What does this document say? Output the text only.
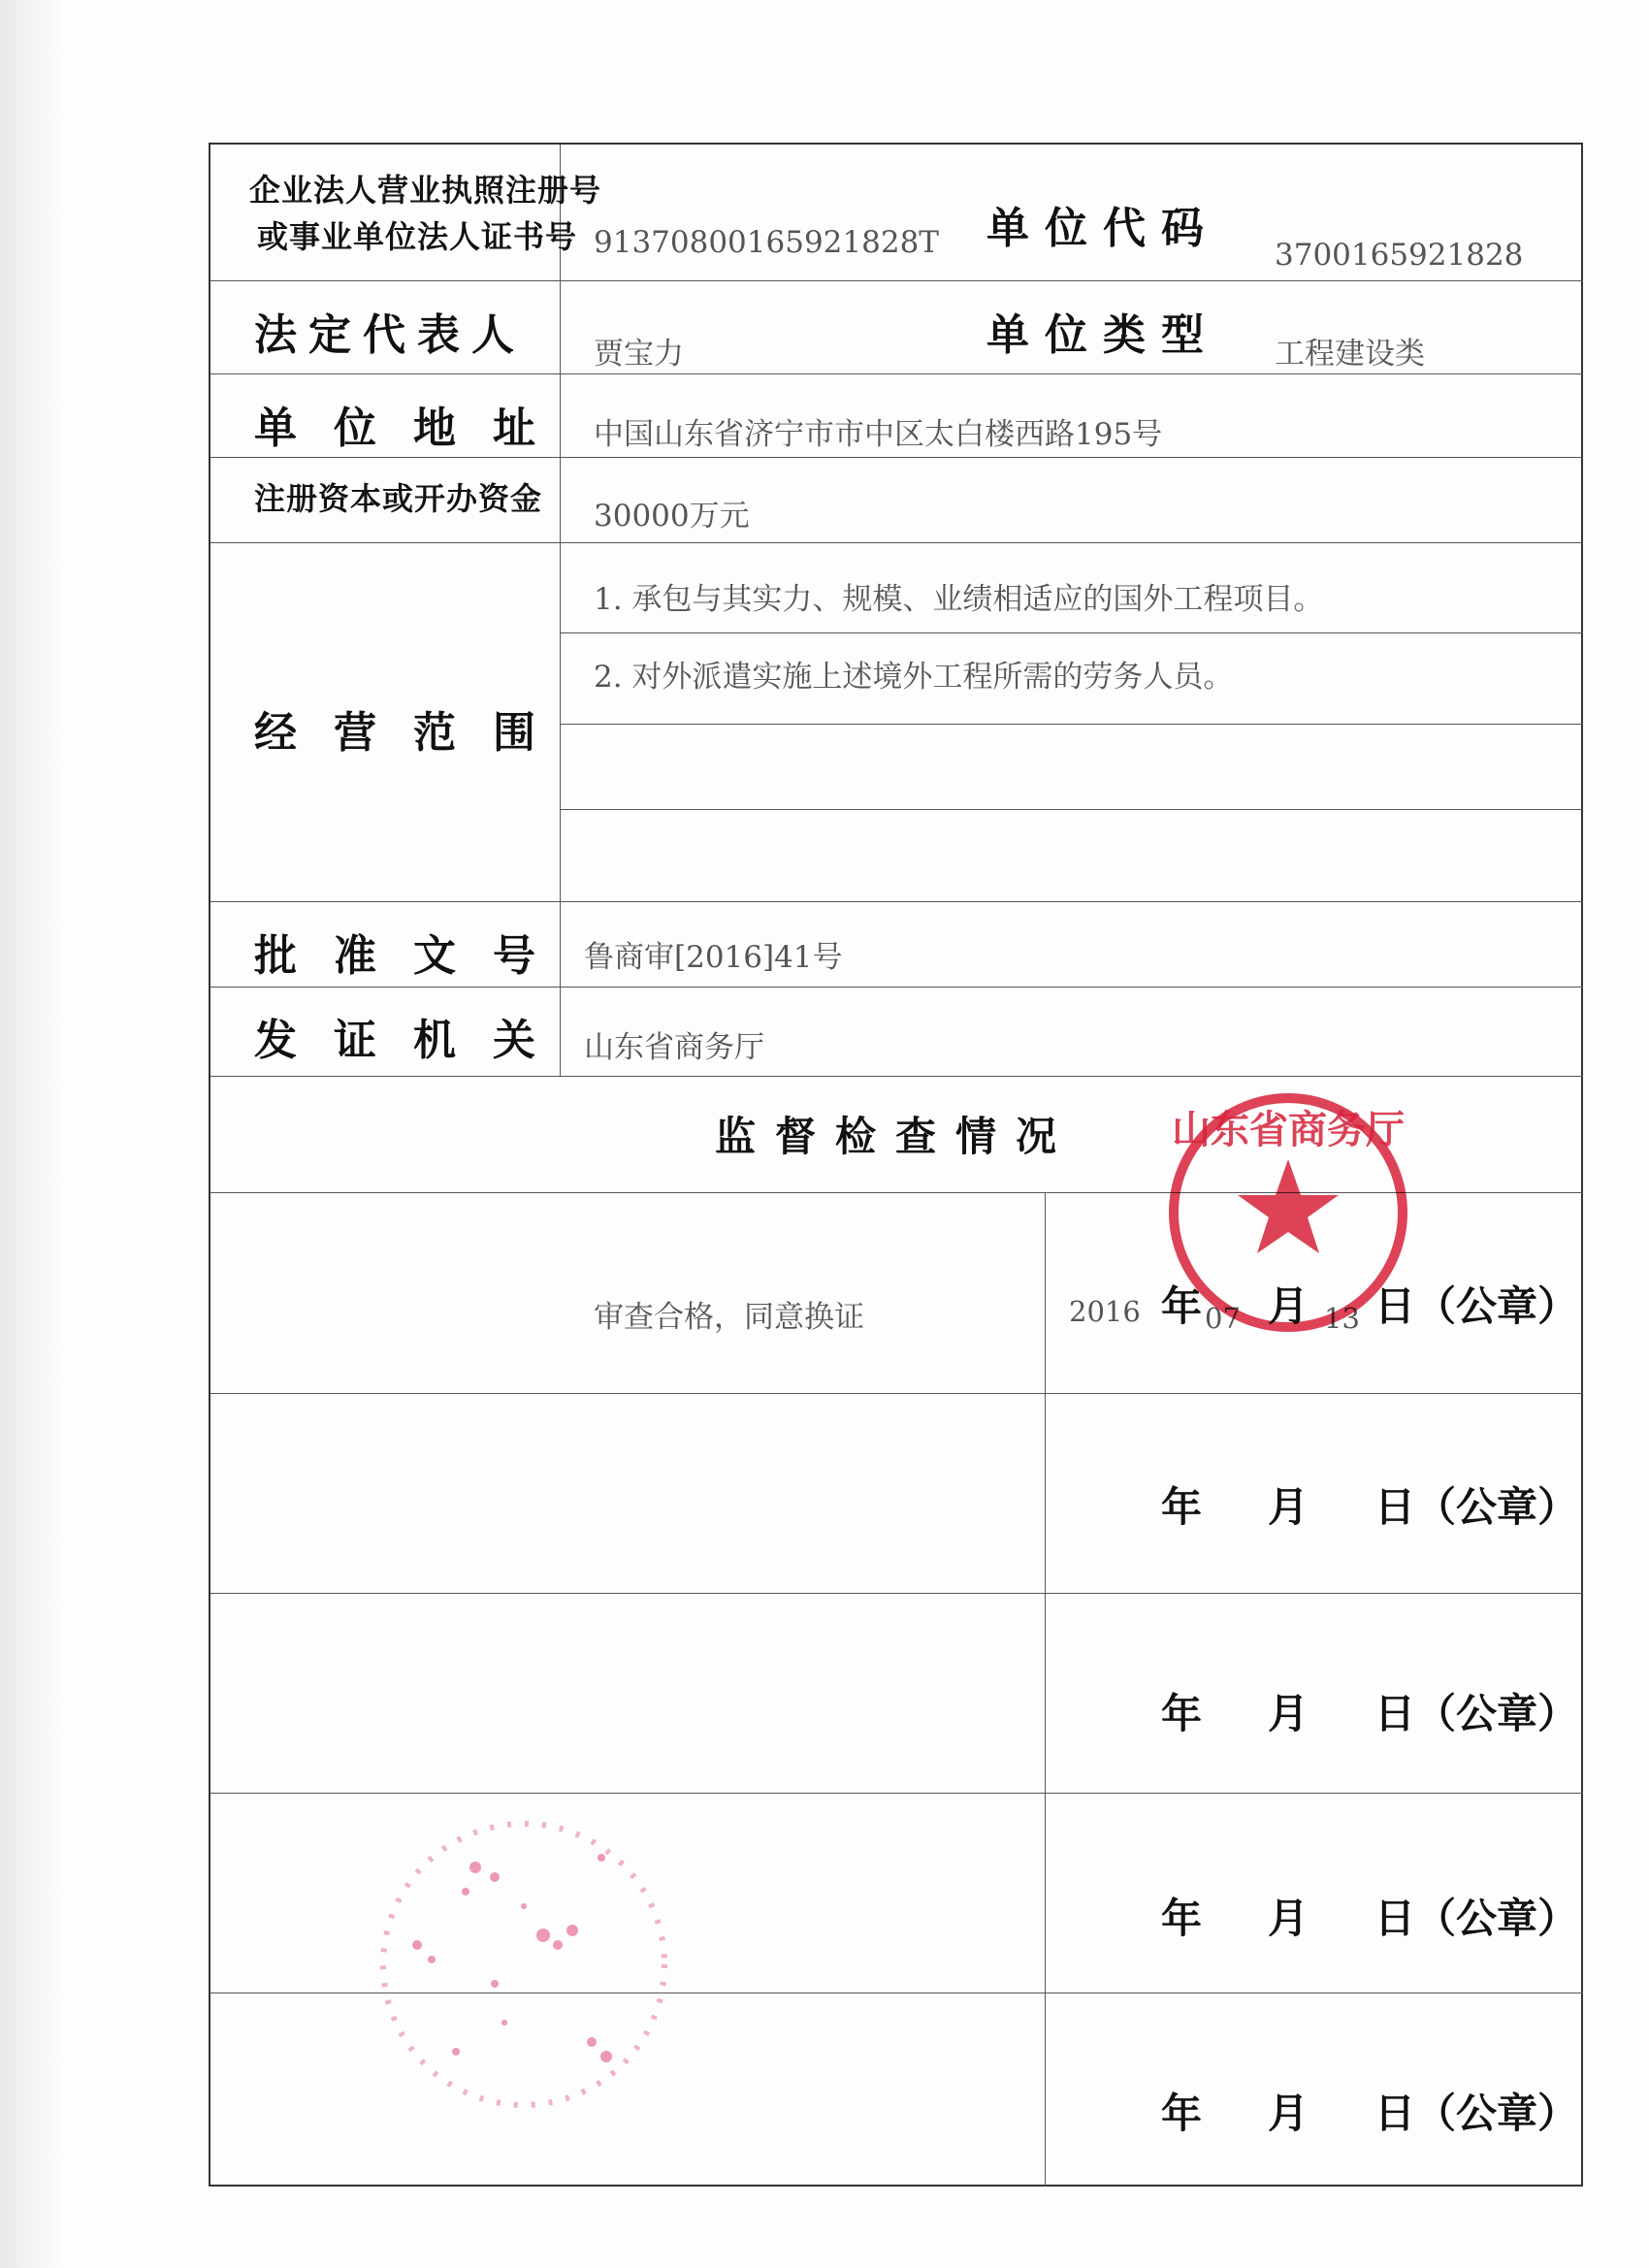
企业法人营业执照注册号
或事业单位法人证书号 91370800165921828T 单位代码
3700165921828
法定代表人 贾宝力	单位类型 工程建设类
单位地址 中国山东省济宁市市中区太白楼西路195号
注册资本或开办资金 30000万元
经营范围
1. 承包与其实力、规模、业绩相适应的国外工程项目。
2. 对外派遣实施上述境外工程所需的劳务人员。
批准文号 鲁商审[2016]41号
发证机关 山东省商务厅
监督检查情况
审查合格，同意换证	2016 年 07 月 13 日（公章）
年 月 日（公章）
年 月 日（公章）
年 月 日（公章）
年 月 日（公章）
山东省商务厅
